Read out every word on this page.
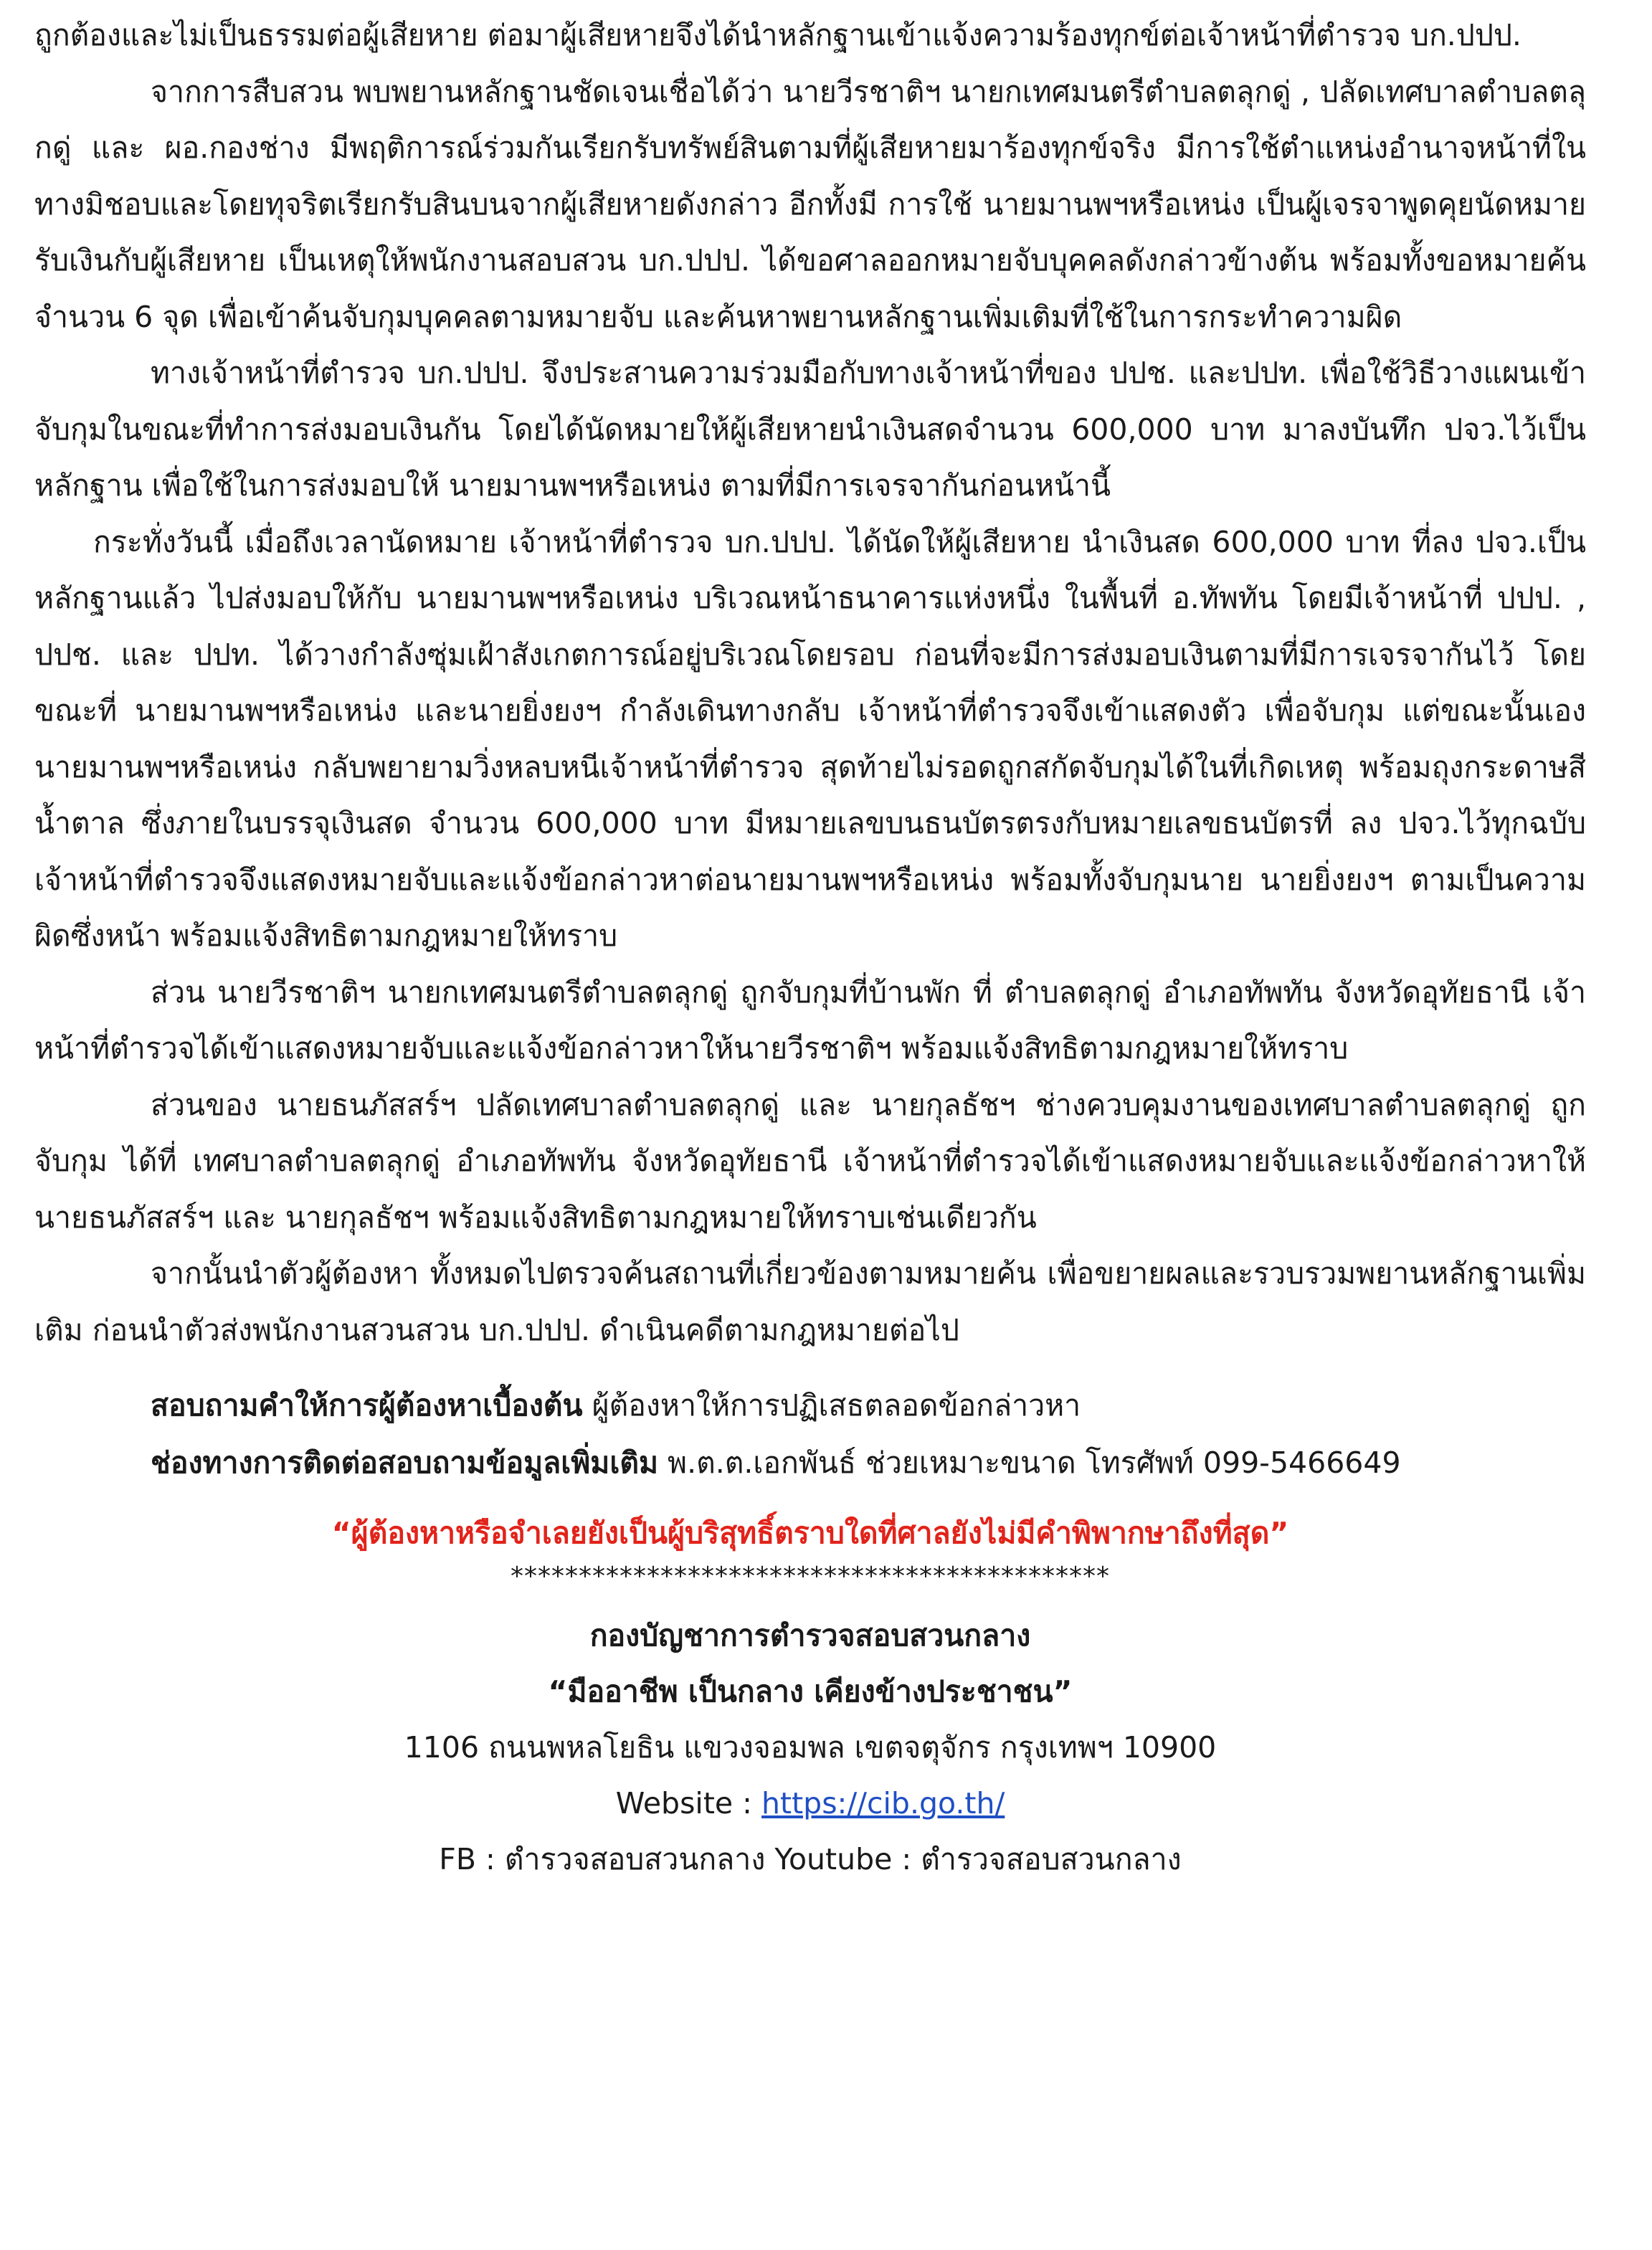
ถูกต้องและไม่เป็นธรรมต่อผู้เสียหาย ต่อมาผู้เสียหายจึงได้นำหลักฐานเข้าแจ้งความร้องทุกข์ต่อเจ้าหน้าที่ตำรวจ บก.ปปป.

จากการสืบสวน พบพยานหลักฐานชัดเจนเชื่อได้ว่า นายวีรชาติฯ นายกเทศมนตรีตำบลตลุกดู่ , ปลัดเทศบาลตำบลตลุกดู่ และ ผอ.กองช่าง มีพฤติการณ์ร่วมกันเรียกรับทรัพย์สินตามที่ผู้เสียหายมาร้องทุกข์จริง มีการใช้ตำแหน่งอำนาจหน้าที่ในทางมิชอบและโดยทุจริตเรียกรับสินบนจากผู้เสียหายดังกล่าว อีกทั้งมี การใช้ นายมานพฯหรือเหน่ง เป็นผู้เจรจาพูดคุยนัดหมายรับเงินกับผู้เสียหาย เป็นเหตุให้พนักงานสอบสวน บก.ปปป. ได้ขอศาลออกหมายจับบุคคลดังกล่าวข้างต้น พร้อมทั้งขอหมายค้นจำนวน 6 จุด เพื่อเข้าค้นจับกุมบุคคลตามหมายจับ และค้นหาพยานหลักฐานเพิ่มเติมที่ใช้ในการกระทำความผิด

ทางเจ้าหน้าที่ตำรวจ บก.ปปป. จึงประสานความร่วมมือกับทางเจ้าหน้าที่ของ ปปช. และปปท. เพื่อใช้วิธีวางแผนเข้าจับกุมในขณะที่ทำการส่งมอบเงินกัน โดยได้นัดหมายให้ผู้เสียหายนำเงินสดจำนวน 600,000 บาท มาลงบันทึก ปจว.ไว้เป็นหลักฐาน เพื่อใช้ในการส่งมอบให้ นายมานพฯหรือเหน่ง ตามที่มีการเจรจากันก่อนหน้านี้

กระทั่งวันนี้ เมื่อถึงเวลานัดหมาย เจ้าหน้าที่ตำรวจ บก.ปปป. ได้นัดให้ผู้เสียหาย นำเงินสด 600,000 บาท ที่ลง ปจว.เป็นหลักฐานแล้ว ไปส่งมอบให้กับ นายมานพฯหรือเหน่ง บริเวณหน้าธนาคารแห่งหนึ่ง ในพื้นที่ อ.ทัพทัน โดยมีเจ้าหน้าที่ ปปป. , ปปช. และ ปปท. ได้วางกำลังซุ่มเฝ้าสังเกตการณ์อยู่บริเวณโดยรอบ ก่อนที่จะมีการส่งมอบเงินตามที่มีการเจรจากันไว้ โดยขณะที่ นายมานพฯหรือเหน่ง และนายยิ่งยงฯ กำลังเดินทางกลับ เจ้าหน้าที่ตำรวจจึงเข้าแสดงตัว เพื่อจับกุม แต่ขณะนั้นเอง นายมานพฯหรือเหน่ง กลับพยายามวิ่งหลบหนีเจ้าหน้าที่ตำรวจ สุดท้ายไม่รอดถูกสกัดจับกุมได้ในที่เกิดเหตุ พร้อมถุงกระดาษสีน้ำตาล ซึ่งภายในบรรจุเงินสด จำนวน 600,000 บาท มีหมายเลขบนธนบัตรตรงกับหมายเลขธนบัตรที่ ลง ปจว.ไว้ทุกฉบับ เจ้าหน้าที่ตำรวจจึงแสดงหมายจับและแจ้งข้อกล่าวหาต่อนายมานพฯหรือเหน่ง พร้อมทั้งจับกุมนาย นายยิ่งยงฯ ตามเป็นความผิดซึ่งหน้า พร้อมแจ้งสิทธิตามกฎหมายให้ทราบ

ส่วน นายวีรชาติฯ นายกเทศมนตรีตำบลตลุกดู่ ถูกจับกุมที่บ้านพัก ที่ ตำบลตลุกดู่ อำเภอทัพทัน จังหวัดอุทัยธานี เจ้าหน้าที่ตำรวจได้เข้าแสดงหมายจับและแจ้งข้อกล่าวหาให้นายวีรชาติฯ พร้อมแจ้งสิทธิตามกฎหมายให้ทราบ

ส่วนของ นายธนภัสสร์ฯ ปลัดเทศบาลตำบลตลุกดู่ และ นายกุลธัชฯ ช่างควบคุมงานของเทศบาลตำบลตลุกดู่ ถูกจับกุม ได้ที่ เทศบาลตำบลตลุกดู่ อำเภอทัพทัน จังหวัดอุทัยธานี เจ้าหน้าที่ตำรวจได้เข้าแสดงหมายจับและแจ้งข้อกล่าวหาให้นายธนภัสสร์ฯ และ นายกุลธัชฯ พร้อมแจ้งสิทธิตามกฎหมายให้ทราบเช่นเดียวกัน

จากนั้นนำตัวผู้ต้องหา ทั้งหมดไปตรวจค้นสถานที่เกี่ยวข้องตามหมายค้น เพื่อขยายผลและรวบรวมพยานหลักฐานเพิ่มเติม ก่อนนำตัวส่งพนักงานสวนสวน บก.ปปป. ดำเนินคดีตามกฎหมายต่อไป

สอบถามคำให้การผู้ต้องหาเบื้องต้น ผู้ต้องหาให้การปฏิเสธตลอดข้อกล่าวหา

ช่องทางการติดต่อสอบถามข้อมูลเพิ่มเติม พ.ต.ต.เอกพันธ์ ช่วยเหมาะขนาด โทรศัพท์ 099-5466649

“ผู้ต้องหาหรือจำเลยยังเป็นผู้บริสุทธิ์ตราบใดที่ศาลยังไม่มีคำพิพากษาถึงที่สุด”
********************************************

กองบัญชาการตำรวจสอบสวนกลาง

“มืออาชีพ เป็นกลาง เคียงข้างประชาชน”

1106 ถนนพหลโยธิน แขวงจอมพล เขตจตุจักร กรุงเทพฯ 10900

Website : https://cib.go.th/

FB : ตำรวจสอบสวนกลาง Youtube : ตำรวจสอบสวนกลาง
